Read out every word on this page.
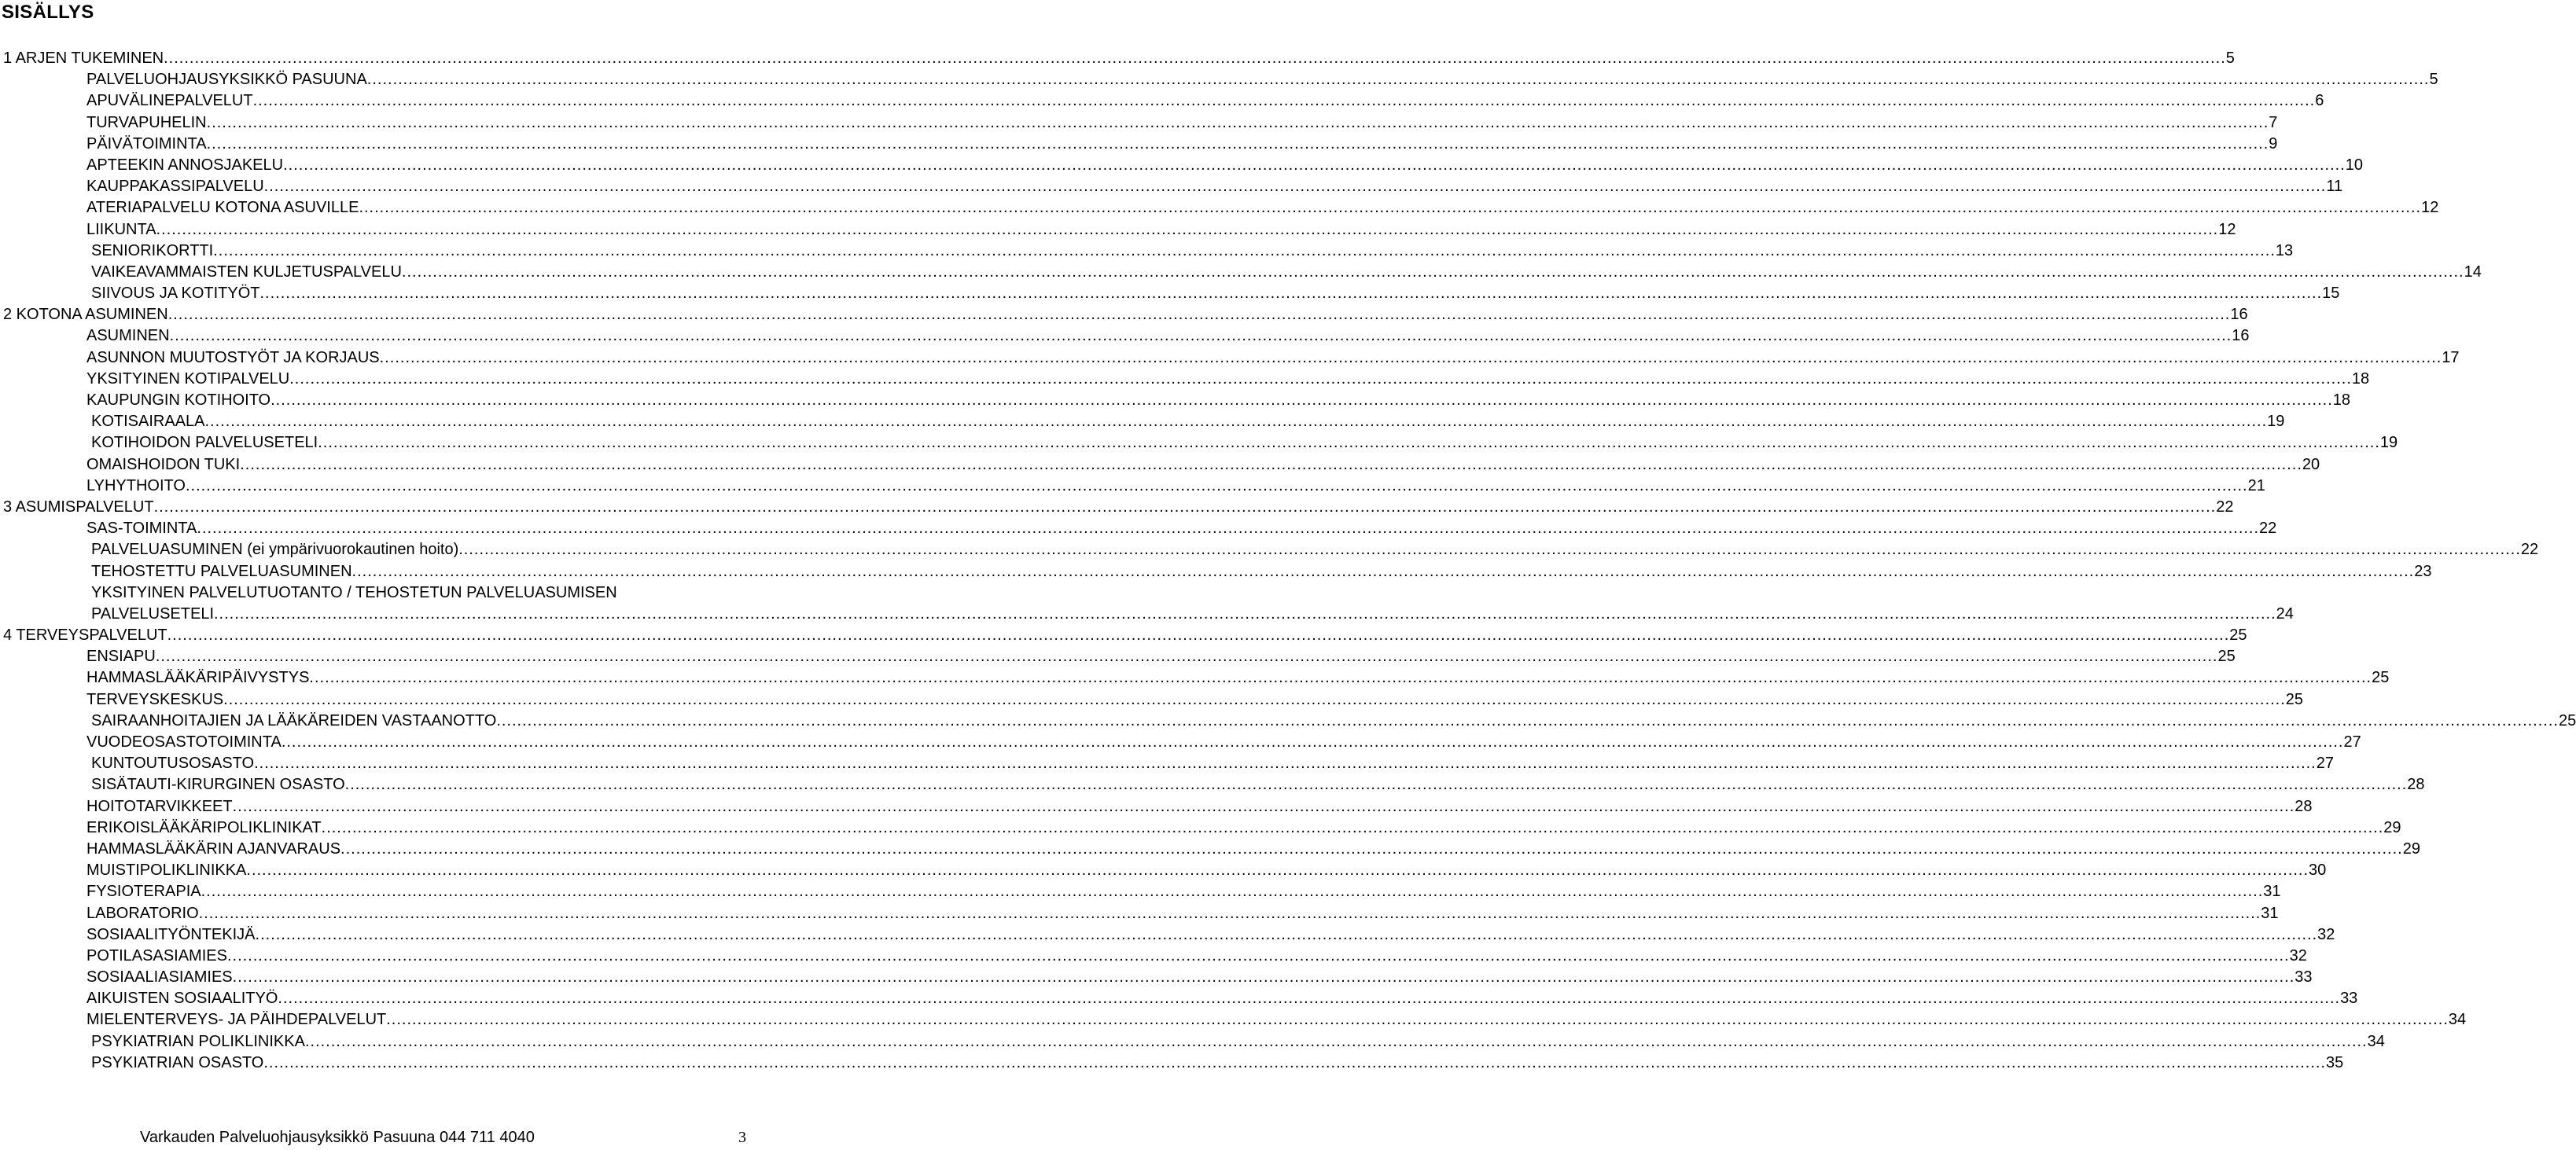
SISÄLLYS
1 ARJEN TUKEMINEN ................................................................................................................................................................................................................................................................................................................................................................................................................ 5
PALVELUOHJAUSYKSIKKÖ PASUUNA ................................................................................................................................................................................................................................................................................................................................................................................................................ 5
APUVÄLINEPALVELUT ................................................................................................................................................................................................................................................................................................................................................................................................................ 6
TURVAPUHELIN ................................................................................................................................................................................................................................................................................................................................................................................................................ 7
PÄIVÄTOIMINTA ................................................................................................................................................................................................................................................................................................................................................................................................................ 9
APTEEKIN ANNOSJAKELU ................................................................................................................................................................................................................................................................................................................................................................................................................ 10
KAUPPAKASSIPALVELU ................................................................................................................................................................................................................................................................................................................................................................................................................ 11
ATERIAPALVELU KOTONA ASUVILLE ................................................................................................................................................................................................................................................................................................................................................................................................................ 12
LIIKUNTA ................................................................................................................................................................................................................................................................................................................................................................................................................ 12
SENIORIKORTTI ................................................................................................................................................................................................................................................................................................................................................................................................................ 13
VAIKEAVAMMAISTEN KULJETUSPALVELU ................................................................................................................................................................................................................................................................................................................................................................................................................ 14
SIIVOUS JA KOTITYÖT ................................................................................................................................................................................................................................................................................................................................................................................................................ 15
2 KOTONA ASUMINEN ................................................................................................................................................................................................................................................................................................................................................................................................................ 16
ASUMINEN ................................................................................................................................................................................................................................................................................................................................................................................................................ 16
ASUNNON MUUTOSTYÖT JA KORJAUS ................................................................................................................................................................................................................................................................................................................................................................................................................ 17
YKSITYINEN KOTIPALVELU ................................................................................................................................................................................................................................................................................................................................................................................................................ 18
KAUPUNGIN KOTIHOITO ................................................................................................................................................................................................................................................................................................................................................................................................................ 18
KOTISAIRAALA ................................................................................................................................................................................................................................................................................................................................................................................................................ 19
KOTIHOIDON PALVELUSETELI ................................................................................................................................................................................................................................................................................................................................................................................................................ 19
OMAISHOIDON TUKI ................................................................................................................................................................................................................................................................................................................................................................................................................ 20
LYHYTHOITO ................................................................................................................................................................................................................................................................................................................................................................................................................ 21
3 ASUMISPALVELUT ................................................................................................................................................................................................................................................................................................................................................................................................................ 22
SAS-TOIMINTA ................................................................................................................................................................................................................................................................................................................................................................................................................ 22
PALVELUASUMINEN (ei ympärivuorokautinen hoito) ................................................................................................................................................................................................................................................................................................................................................................................................................ 22
TEHOSTETTU PALVELUASUMINEN ................................................................................................................................................................................................................................................................................................................................................................................................................ 23
YKSITYINEN PALVELUTUOTANTO / TEHOSTETUN PALVELUASUMISEN
PALVELUSETELI ................................................................................................................................................................................................................................................................................................................................................................................................................ 24
4 TERVEYSPALVELUT ................................................................................................................................................................................................................................................................................................................................................................................................................ 25
ENSIAPU ................................................................................................................................................................................................................................................................................................................................................................................................................ 25
HAMMASLÄÄKÄRIPÄIVYSTYS ................................................................................................................................................................................................................................................................................................................................................................................................................ 25
TERVEYSKESKUS ................................................................................................................................................................................................................................................................................................................................................................................................................ 25
SAIRAANHOITAJIEN JA LÄÄKÄREIDEN VASTAANOTTO ................................................................................................................................................................................................................................................................................................................................................................................................................ 25
VUODEOSASTOTOIMINTA ................................................................................................................................................................................................................................................................................................................................................................................................................ 27
KUNTOUTUSOSASTO ................................................................................................................................................................................................................................................................................................................................................................................................................ 27
SISÄTAUTI-KIRURGINEN OSASTO ................................................................................................................................................................................................................................................................................................................................................................................................................ 28
HOITOTARVIKKEET ................................................................................................................................................................................................................................................................................................................................................................................................................ 28
ERIKOISLÄÄKÄRIPOLIKLINIKAT ................................................................................................................................................................................................................................................................................................................................................................................................................ 29
HAMMASLÄÄKÄRIN AJANVARAUS ................................................................................................................................................................................................................................................................................................................................................................................................................ 29
MUISTIPOLIKLINIKKA ................................................................................................................................................................................................................................................................................................................................................................................................................ 30
FYSIOTERAPIA ................................................................................................................................................................................................................................................................................................................................................................................................................ 31
LABORATORIO ................................................................................................................................................................................................................................................................................................................................................................................................................ 31
SOSIAALITYÖNTEKIJÄ ................................................................................................................................................................................................................................................................................................................................................................................................................ 32
POTILASASIAMIES ................................................................................................................................................................................................................................................................................................................................................................................................................ 32
SOSIAALIASIAMIES ................................................................................................................................................................................................................................................................................................................................................................................................................ 33
AIKUISTEN SOSIAALITYÖ ................................................................................................................................................................................................................................................................................................................................................................................................................ 33
MIELENTERVEYS- JA PÄIHDEPALVELUT ................................................................................................................................................................................................................................................................................................................................................................................................................ 34
PSYKIATRIAN POLIKLINIKKA ................................................................................................................................................................................................................................................................................................................................................................................................................ 34
PSYKIATRIAN OSASTO ................................................................................................................................................................................................................................................................................................................................................................................................................ 35
Varkauden Palveluohjausyksikkö Pasuuna 044 711 4040	3
